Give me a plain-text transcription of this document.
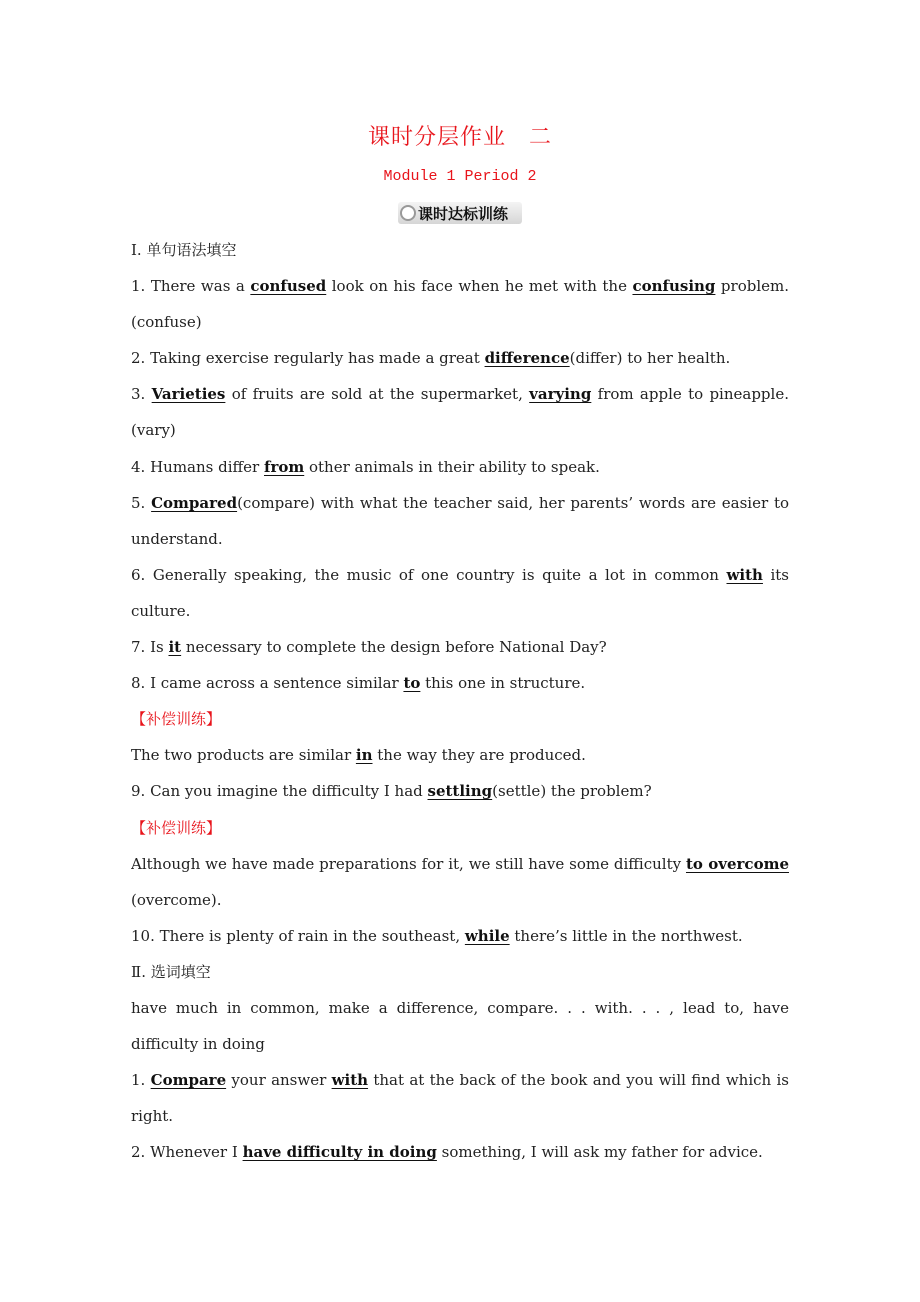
课时分层作业　二
Module 1 Period 2
课时达标训练
Ⅰ. 单句语法填空
1. There was a confused look on his face when he met with the confusing problem.
(confuse)
2. Taking exercise regularly has made a great difference(differ) to her health.
3. Varieties of fruits are sold at the supermarket, varying from apple to pineapple.
(vary)
4. Humans differ from other animals in their ability to speak.
5. Compared(compare) with what the teacher said, her parents’ words are easier to
understand.
6. Generally speaking, the music of one country is quite a lot in common with its
culture.
7. Is it necessary to complete the design before National Day?
8. I came across a sentence similar to this one in structure.
【补偿训练】
The two products are similar in the way they are produced.
9. Can you imagine the difficulty I had settling(settle) the problem?
【补偿训练】
Although we have made preparations for it, we still have some difficulty to overcome
(overcome).
10. There is plenty of rain in the southeast, while there’s little in the northwest.
Ⅱ. 选词填空
have much in common, make a difference, compare. . . with. . . , lead to, have
difficulty in doing
1. Compare your answer with that at the back of the book and you will find which is
right.
2. Whenever I have difficulty in doing something, I will ask my father for advice.
